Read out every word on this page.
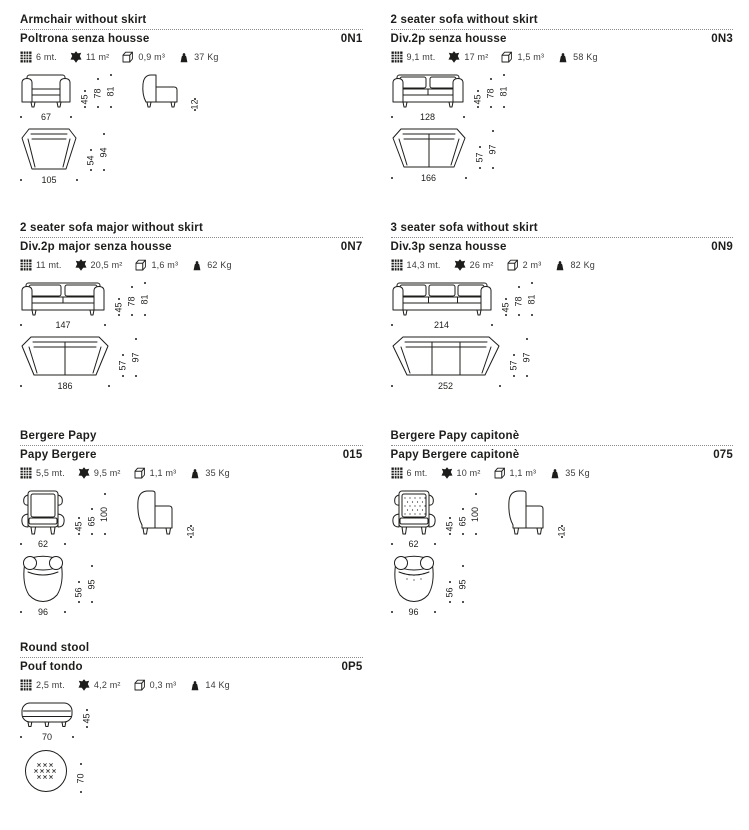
Armchair without skirt
Poltrona senza housse	0N1
6 mt.	11 m²	0,9 m³	37 Kg
67
45
78 81
12
105
54
94
2 seater sofa without skirt
Div.2p senza housse	0N3
9,1 mt.	17 m²	1,5 m³	58 Kg
128
45
78 81
166
57
97
2 seater sofa major without skirt
Div.2p major senza housse	0N7
11 mt.	20,5 m²	1,6 m³	62 Kg
147
45
78 81
186
57
97
3 seater sofa without skirt
Div.3p senza housse	0N9
14,3 mt.	26 m²	2 m³	82 Kg
214
45
78 81
252
57
97
Bergere Papy
Papy Bergere	015
5,5 mt.	9,5 m²	1,1 m³	35 Kg
62
45 65 100
12
96
56
95
Bergere Papy capitonè
Papy Bergere capitonè	075
6 mt.	10 m²	1,1 m³	35 Kg
62
45 65 100
12
96
56
95
Round stool
Pouf tondo	0P5
2,5 mt.	4,2 m²	0,3 m³	14 Kg
70
45
70
